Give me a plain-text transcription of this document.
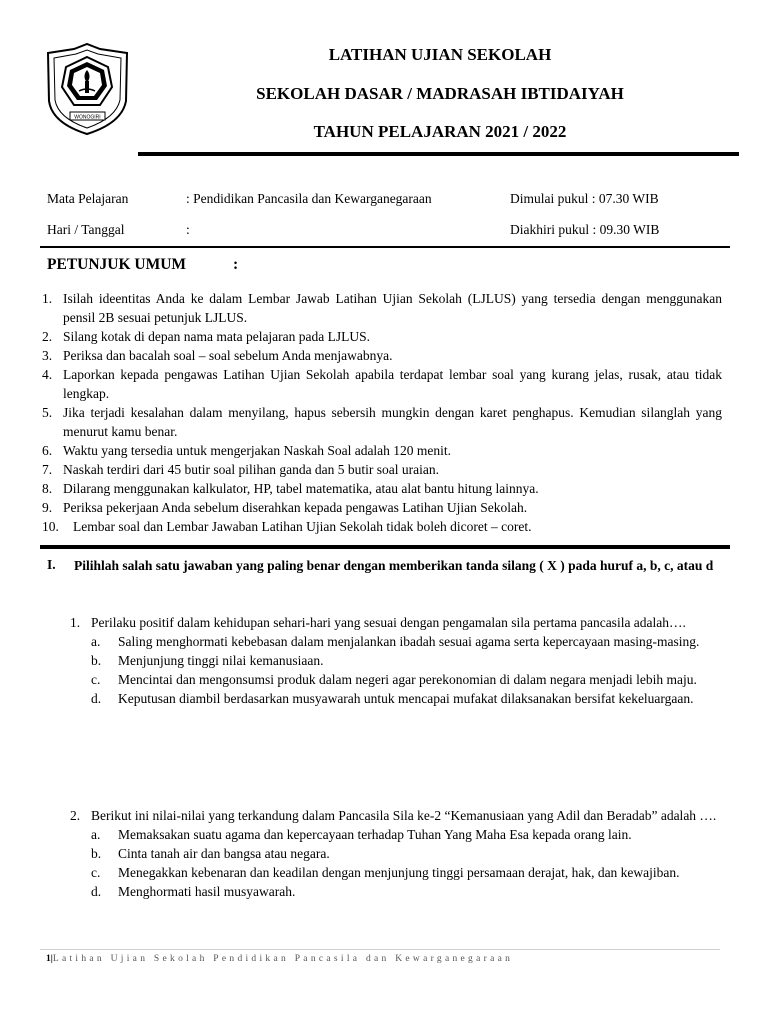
WONOGIRI
LATIHAN UJIAN SEKOLAH
SEKOLAH DASAR / MADRASAH IBTIDAIYAH
TAHUN PELAJARAN 2021 / 2022
Mata Pelajaran	: Pendidikan Pancasila dan Kewarganegaraan	Dimulai pukul : 07.30 WIB
Hari / Tanggal	:	Diakhiri pukul : 09.30 WIB
PETUNJUK UMUM	:
1. Isilah ideentitas Anda ke dalam Lembar Jawab Latihan Ujian Sekolah (LJLUS) yang tersedia dengan menggunakan pensil 2B sesuai petunjuk LJLUS.
2. Silang kotak di depan nama mata pelajaran pada LJLUS.
3. Periksa dan bacalah soal – soal sebelum Anda menjawabnya.
4. Laporkan kepada pengawas Latihan Ujian Sekolah apabila terdapat lembar soal yang kurang jelas, rusak, atau tidak lengkap.
5. Jika terjadi kesalahan dalam menyilang, hapus sebersih mungkin dengan karet penghapus. Kemudian silanglah yang menurut kamu benar.
6. Waktu yang tersedia untuk mengerjakan Naskah Soal adalah 120 menit.
7. Naskah terdiri dari 45 butir soal pilihan ganda dan 5 butir soal uraian.
8. Dilarang menggunakan kalkulator, HP, tabel matematika, atau alat bantu hitung lainnya.
9. Periksa pekerjaan Anda sebelum diserahkan kepada pengawas Latihan Ujian Sekolah.
10. Lembar soal dan Lembar Jawaban Latihan Ujian Sekolah tidak boleh dicoret – coret.
I. Pilihlah salah satu jawaban yang paling benar dengan memberikan tanda silang ( X ) pada huruf a, b, c, atau d
1. Perilaku positif dalam kehidupan sehari-hari yang sesuai dengan pengamalan sila pertama pancasila adalah….
a. Saling menghormati kebebasan dalam menjalankan ibadah sesuai agama serta kepercayaan masing-masing.
b. Menjunjung tinggi nilai kemanusiaan.
c. Mencintai dan mengonsumsi produk dalam negeri agar perekonomian di dalam negara menjadi lebih maju.
d. Keputusan diambil berdasarkan musyawarah untuk mencapai mufakat dilaksanakan bersifat kekeluargaan.
2. Berikut ini nilai-nilai yang terkandung dalam Pancasila Sila ke-2 “Kemanusiaan yang Adil dan Beradab” adalah ….
a. Memaksakan suatu agama dan kepercayaan terhadap Tuhan Yang Maha Esa kepada orang lain.
b. Cinta tanah air dan bangsa atau negara.
c. Menegakkan kebenaran dan keadilan dengan menjunjung tinggi persamaan derajat, hak, dan kewajiban.
d. Menghormati hasil musyawarah.
1|Latihan Ujian Sekolah Pendidikan Pancasila dan Kewarganegaraan
